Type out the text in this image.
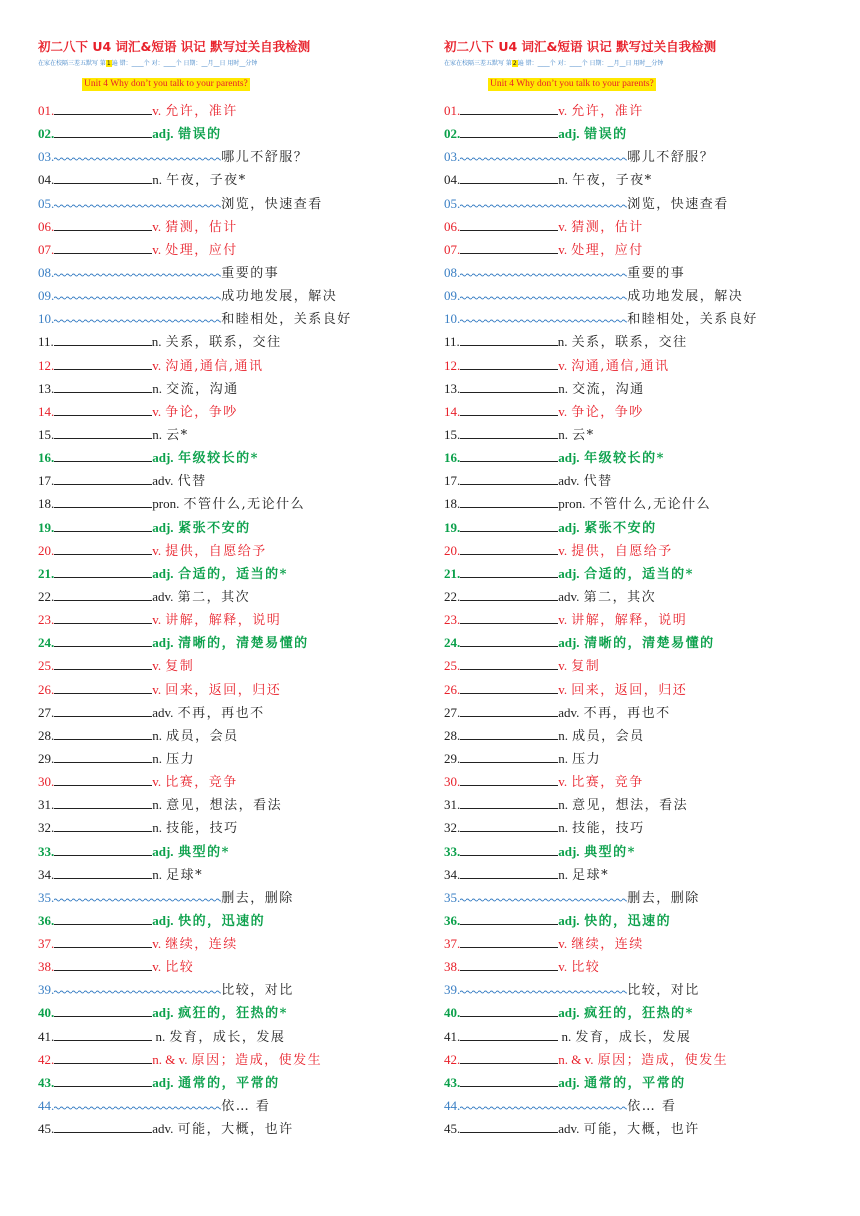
初二八下 U4 词汇&短语 识记 默写过关自我检测
在家在校隔三差五默写 第1遍 错：____个 对：____个 日期：__月__日 用时__分钟
Unit 4 Why don’t you talk to your parents?
01.	v. 允许，准许
02.	adj. 错误的
03.	哪儿不舒服？
04.	n. 午夜，子夜*
05.	浏览，快速查看
06.	v. 猜测，估计
07.	v. 处理，应付
08.	重要的事
09.	成功地发展，解决
10.	和睦相处，关系良好
11.	n. 关系，联系，交往
12.	v. 沟通,通信,通讯
13.	n. 交流，沟通
14.	v. 争论，争吵
15.	n. 云*
16.	adj. 年级较长的*
17.	adv. 代替
18.	pron. 不管什么,无论什么
19.	adj. 紧张不安的
20.	v. 提供，自愿给予
21.	adj. 合适的，适当的*
22.	adv. 第二，其次
23.	v. 讲解，解释，说明
24.	adj. 清晰的，清楚易懂的
25.	v. 复制
26.	v. 回来，返回，归还
27.	adv. 不再，再也不
28.	n. 成员，会员
29.	n. 压力
30.	v. 比赛，竞争
31.	n. 意见，想法，看法
32.	n. 技能，技巧
33.	adj. 典型的*
34.	n. 足球*
35.	删去，删除
36.	adj. 快的，迅速的
37.	v. 继续，连续
38.	v. 比较
39.	比较，对比
40.	adj. 疯狂的，狂热的*
41.	n. 发育，成长，发展
42.	n. & v. 原因；造成，使发生
43.	adj. 通常的，平常的
44.	依… 看
45.	adv. 可能，大概，也许
初二八下 U4 词汇&短语 识记 默写过关自我检测
在家在校隔三差五默写 第2遍 错：____个 对：____个 日期：__月__日 用时__分钟
Unit 4 Why don’t you talk to your parents?
01.	v. 允许，准许
02.	adj. 错误的
03.	哪儿不舒服？
04.	n. 午夜，子夜*
05.	浏览，快速查看
06.	v. 猜测，估计
07.	v. 处理，应付
08.	重要的事
09.	成功地发展，解决
10.	和睦相处，关系良好
11.	n. 关系，联系，交往
12.	v. 沟通,通信,通讯
13.	n. 交流，沟通
14.	v. 争论，争吵
15.	n. 云*
16.	adj. 年级较长的*
17.	adv. 代替
18.	pron. 不管什么,无论什么
19.	adj. 紧张不安的
20.	v. 提供，自愿给予
21.	adj. 合适的，适当的*
22.	adv. 第二，其次
23.	v. 讲解，解释，说明
24.	adj. 清晰的，清楚易懂的
25.	v. 复制
26.	v. 回来，返回，归还
27.	adv. 不再，再也不
28.	n. 成员，会员
29.	n. 压力
30.	v. 比赛，竞争
31.	n. 意见，想法，看法
32.	n. 技能，技巧
33.	adj. 典型的*
34.	n. 足球*
35.	删去，删除
36.	adj. 快的，迅速的
37.	v. 继续，连续
38.	v. 比较
39.	比较，对比
40.	adj. 疯狂的，狂热的*
41.	n. 发育，成长，发展
42.	n. & v. 原因；造成，使发生
43.	adj. 通常的，平常的
44.	依… 看
45.	adv. 可能，大概，也许
